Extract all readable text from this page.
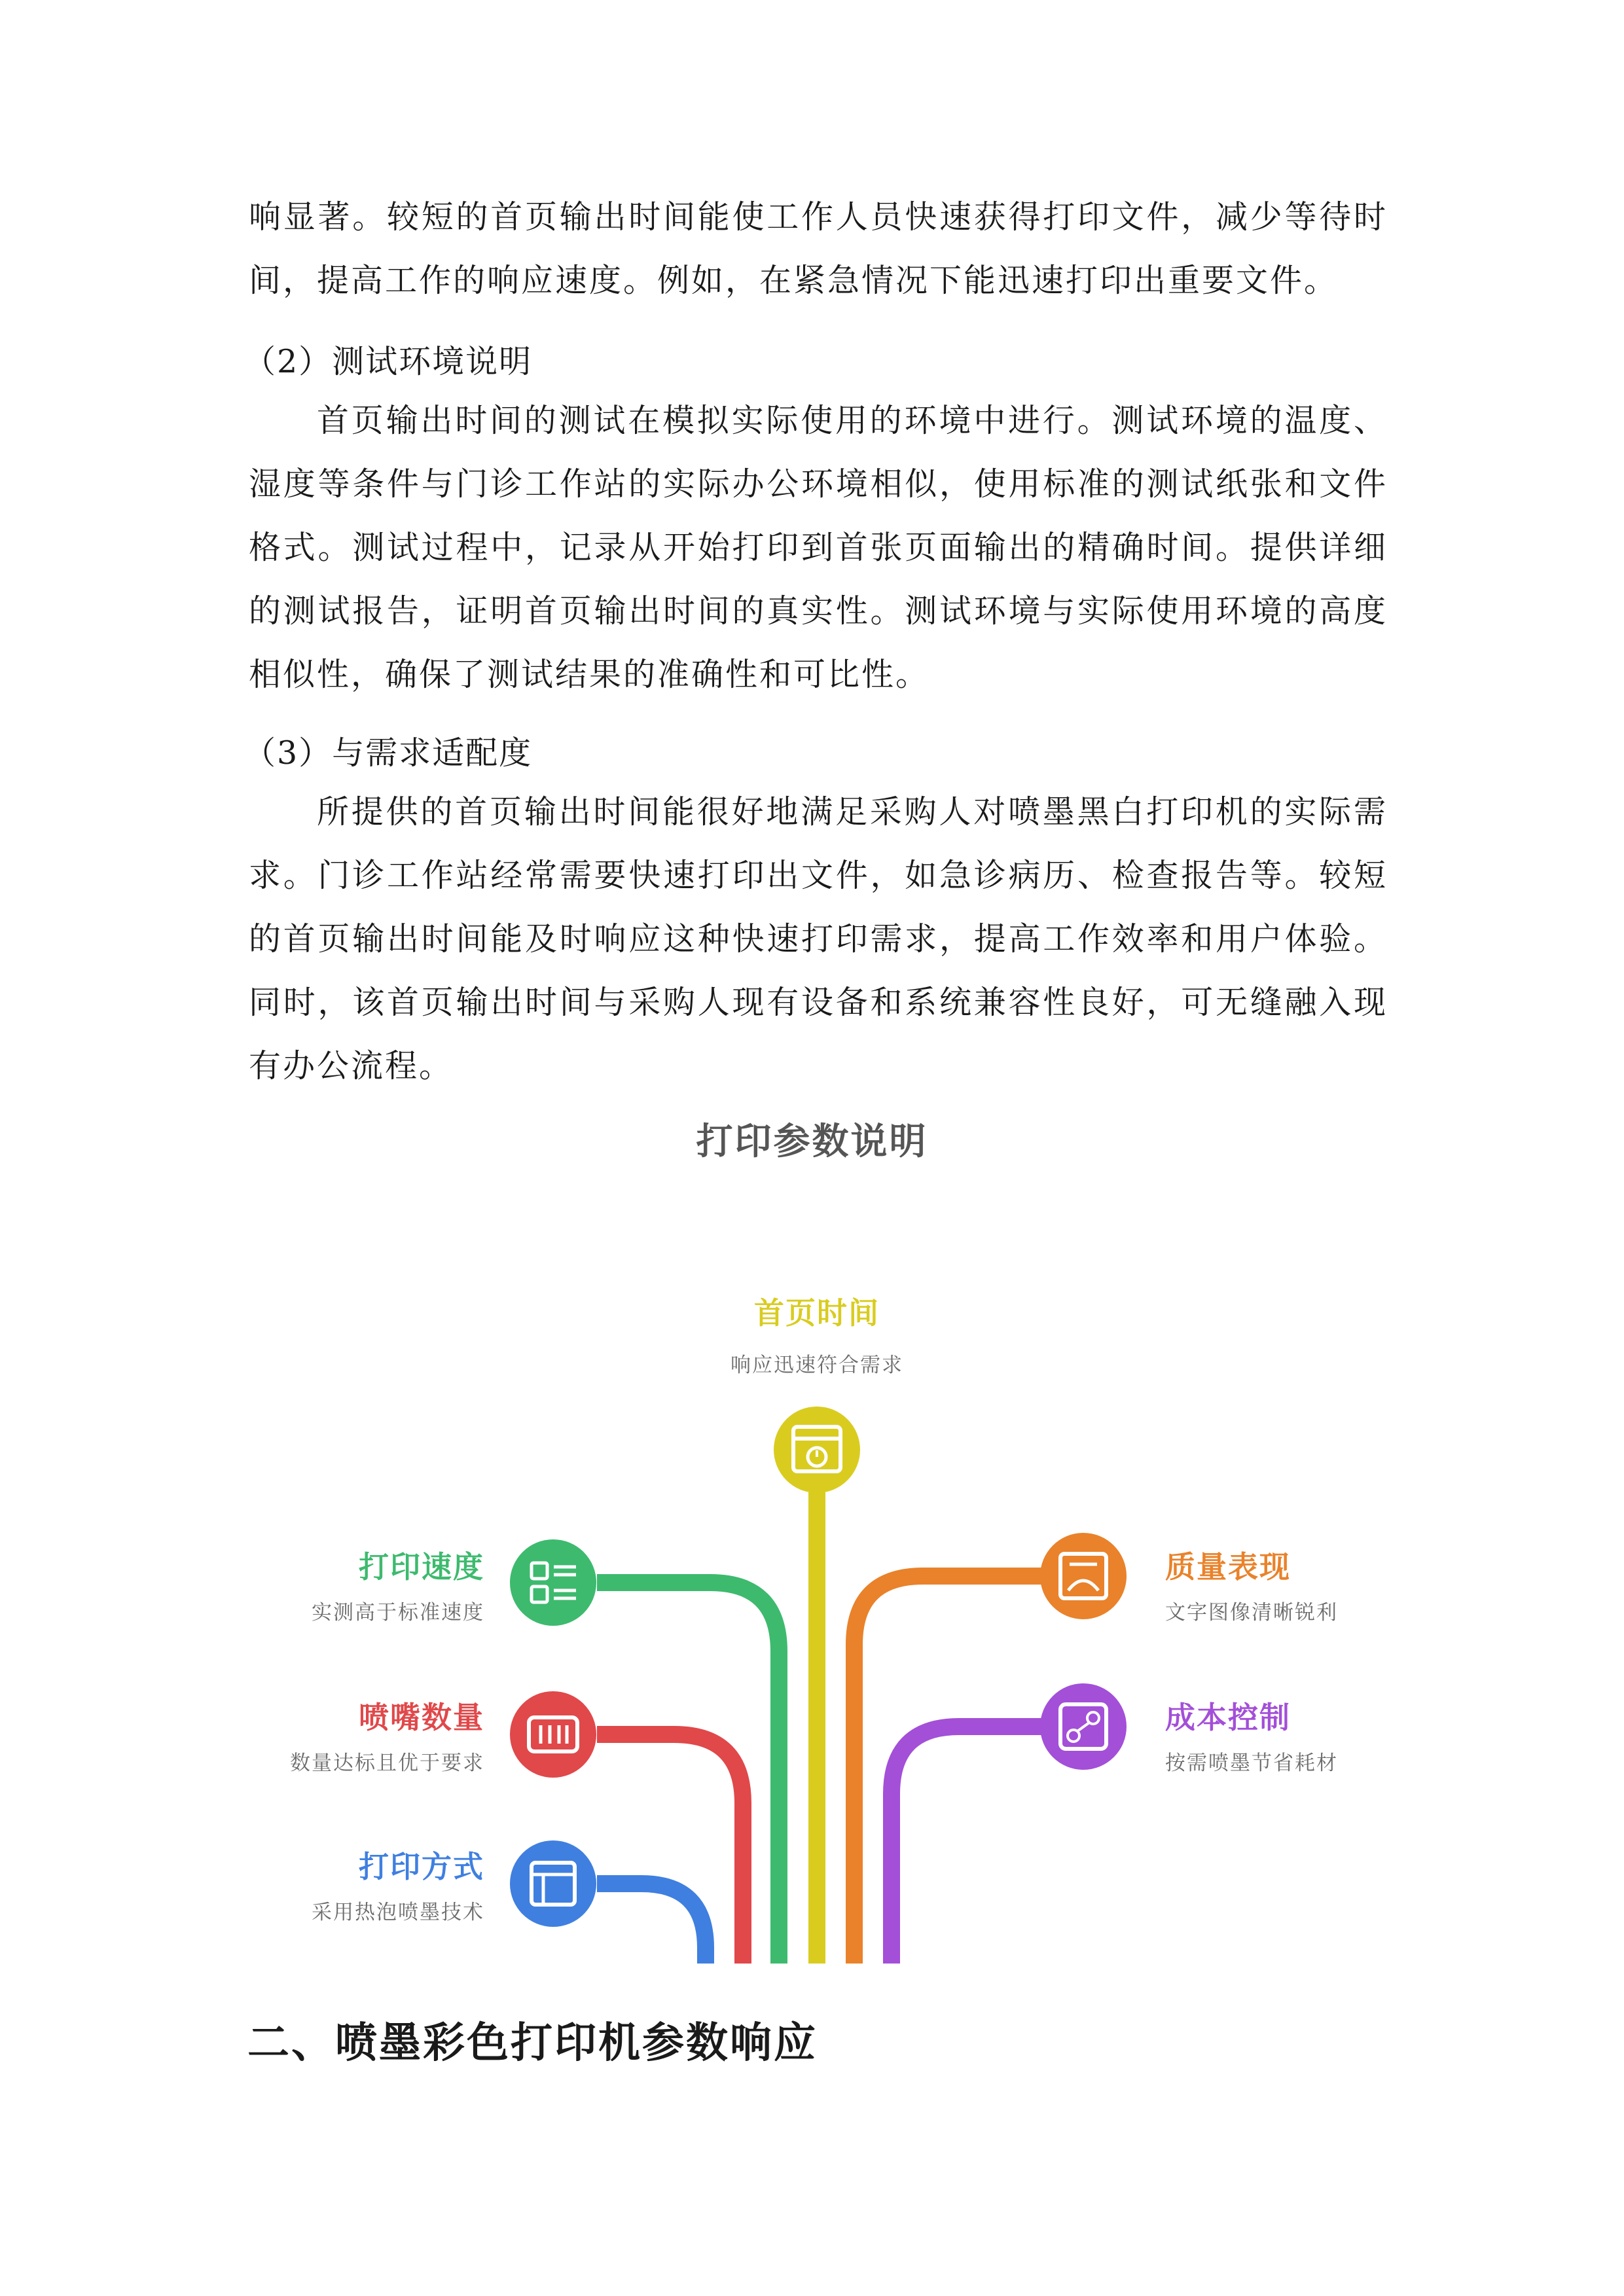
响显著。较短的首页输出时间能使工作人员快速获得打印文件，减少等待时间，提高工作的响应速度。例如，在紧急情况下能迅速打印出重要文件。

（2）测试环境说明

首页输出时间的测试在模拟实际使用的环境中进行。测试环境的温度、湿度等条件与门诊工作站的实际办公环境相似，使用标准的测试纸张和文件格式。测试过程中，记录从开始打印到首张页面输出的精确时间。提供详细的测试报告，证明首页输出时间的真实性。测试环境与实际使用环境的高度相似性，确保了测试结果的准确性和可比性。

（3）与需求适配度

所提供的首页输出时间能很好地满足采购人对喷墨黑白打印机的实际需求。门诊工作站经常需要快速打印出文件，如急诊病历、检查报告等。较短的首页输出时间能及时响应这种快速打印需求，提高工作效率和用户体验。同时，该首页输出时间与采购人现有设备和系统兼容性良好，可无缝融入现有办公流程。

打印参数说明
首页时间
响应迅速符合需求
打印速度
实测高于标准速度
喷嘴数量
数量达标且优于要求
打印方式
采用热泡喷墨技术
质量表现
文字图像清晰锐利
成本控制
按需喷墨节省耗材
二、喷墨彩色打印机参数响应
